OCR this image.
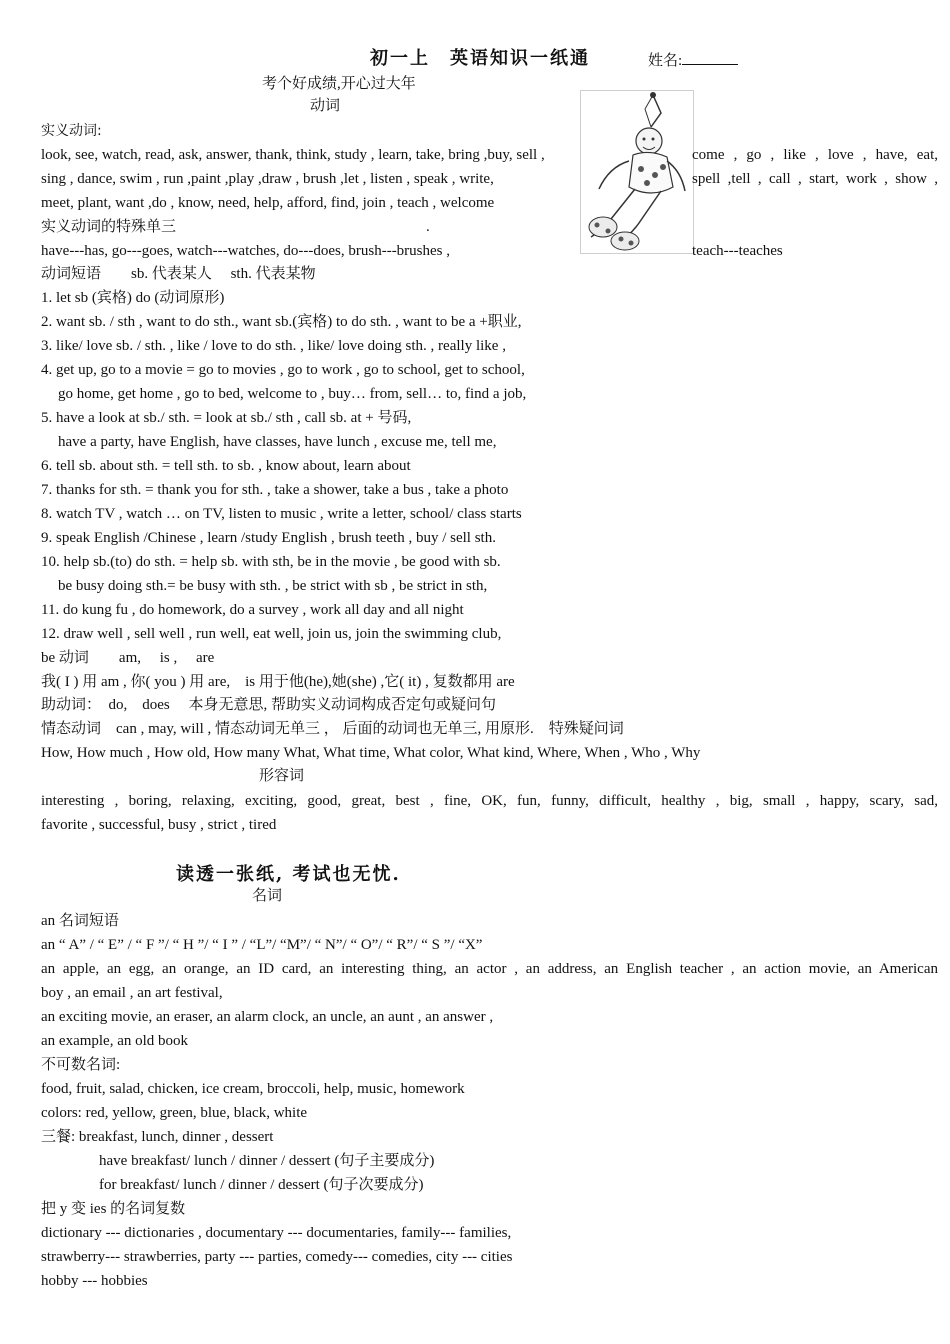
初一上　英语知识一纸通	姓名:
考个好成绩,开心过大年
动词
实义动词:
look, see, watch, read, ask, answer, thank, think, study , learn, take, bring ,buy, sell ,
sing , dance, swim , run ,paint ,play ,draw , brush ,let , listen , speak , write,
meet, plant, want ,do , know, need, help, afford, find, join , teach , welcome
实义动词的特殊单三	.
have---has, go---goes, watch---watches, do---does, brush---brushes ,
come , go , like , love , have, eat,
spell ,tell , call , start, work , show ,
teach---teaches
动词短语　　sb. 代表某人　 sth. 代表某物
1. let sb (宾格) do (动词原形)
2. want sb. / sth , want to do sth., want sb.(宾格) to do sth. , want to be a +职业,
3. like/ love sb. / sth. , like / love to do sth. , like/ love doing sth. , really like ,
4. get up, go to a movie = go to movies , go to work , go to school, get to school,
go home, get home , go to bed, welcome to , buy… from, sell… to, find a job,
5. have a look at sb./ sth. = look at sb./ sth , call sb. at + 号码,
have a party, have English, have classes, have lunch , excuse me, tell me,
6. tell sb. about sth. = tell sth. to sb. , know about, learn about
7. thanks for sth. = thank you for sth. , take a shower, take a bus , take a photo
8. watch TV , watch … on TV, listen to music , write a letter, school/ class starts
9. speak English /Chinese , learn /study English , brush teeth , buy / sell sth.
10. help sb.(to) do sth. = help sb. with sth, be in the movie , be good with sb.
be busy doing sth.= be busy with sth. , be strict with sb , be strict in sth,
11. do kung fu , do homework, do a survey , work all day and all night
12. draw well , sell well , run well, eat well, join us, join the swimming club,
be 动词　　am,　 is ,　 are
我( I ) 用 am , 你( you ) 用 are,　is 用于他(he),她(she) ,它( it) , 复数都用 are
助动词：　do,　does　 本身无意思, 帮助实义动词构成否定句或疑问句
情态动词　can , may, will , 情态动词无单三 ， 后面的动词也无单三, 用原形.　特殊疑问词
How, How much , How old, How many What, What time, What color, What kind, Where, When , Who , Why
形容词
interesting , boring, relaxing, exciting, good, great, best , fine, OK, fun, funny, difficult, healthy , big, small , happy, scary, sad,
favorite , successful, busy , strict , tired
读透一张纸, 考试也无忧.
名词
an 名词短语
an “ A” / “ E” / “ F ”/ “ H ”/ “ I ” / “L”/ “M”/ “ N”/ “ O”/ “ R”/ “ S ”/ “X”
an apple, an egg, an orange, an ID card, an interesting thing, an actor , an address, an English teacher , an action movie, an American
boy , an email , an art festival,
an exciting movie, an eraser, an alarm clock, an uncle, an aunt , an answer ,
an example, an old book
不可数名词:
food, fruit, salad, chicken, ice cream, broccoli, help, music, homework
colors: red, yellow, green, blue, black, white
三餐: breakfast, lunch, dinner , dessert
have breakfast/ lunch / dinner / dessert (句子主要成分)
for breakfast/ lunch / dinner / dessert (句子次要成分)
把 y 变 ies 的名词复数
dictionary --- dictionaries , documentary --- documentaries, family--- families,
strawberry--- strawberries, party --- parties, comedy--- comedies, city --- cities
hobby --- hobbies
